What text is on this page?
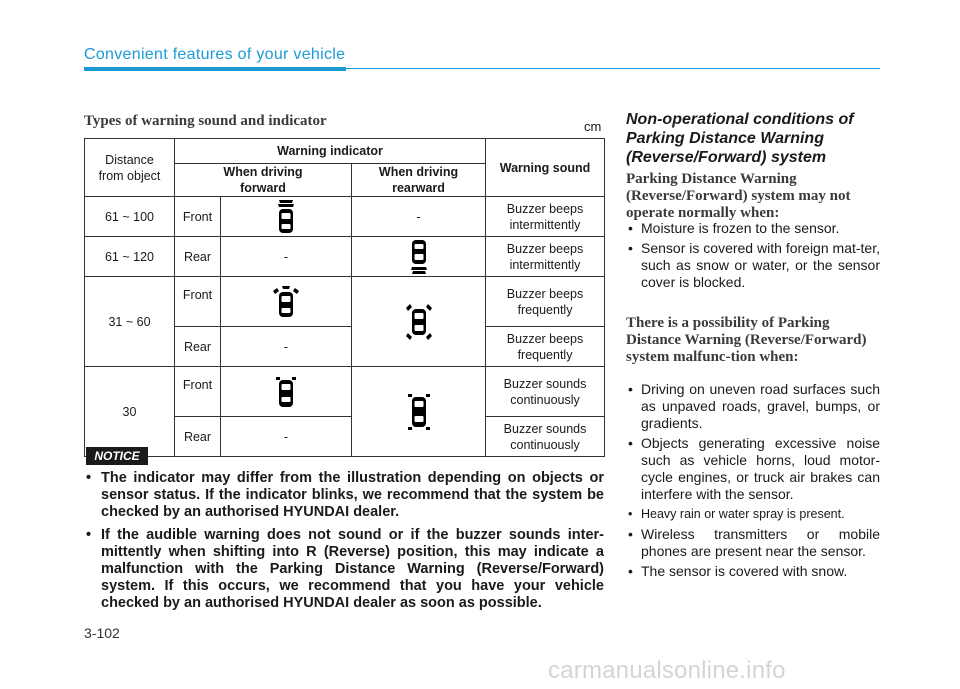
Convenient features of your vehicle
Types of warning sound and indicator	cm
Distance
from object	Warning indicator			Warning sound
	When driving
forward		When driving
rearward	
61 ~ 100	Front		-	Buzzer beeps
intermittently
61 ~ 120	Rear	-		Buzzer beeps
intermittently
31 ~ 60	Front			Buzzer beeps
frequently
	Rear	-		Buzzer beeps
frequently
30	Front			Buzzer sounds
continuously
	Rear	-		Buzzer sounds
continuously
NOTICE
• The indicator may differ from the illustration depending on objects or sensor status. If the indicator blinks, we recommend that the system be checked by an authorised HYUNDAI dealer.
• If the audible warning does not sound or if the buzzer sounds inter-mittently when shifting into R (Reverse) position, this may indicate a malfunction with the Parking Distance Warning (Reverse/Forward) system. If this occurs, we recommend that you have your vehicle checked by an authorised HYUNDAI dealer as soon as possible.
Non-operational conditions of Parking Distance Warning (Reverse/Forward) system
Parking Distance Warning (Reverse/Forward) system may not operate normally when:
• Moisture is frozen to the sensor.
• Sensor is covered with foreign mat-ter, such as snow or water, or the sensor cover is blocked.
There is a possibility of Parking Distance Warning (Reverse/Forward) system malfunc-tion when:
• Driving on uneven road surfaces such as unpaved roads, gravel, bumps, or gradients.
• Objects generating excessive noise such as vehicle horns, loud motor-cycle engines, or truck air brakes can interfere with the sensor.
• Heavy rain or water spray is present.
• Wireless transmitters or mobile phones are present near the sensor.
• The sensor is covered with snow.
3-102
carmanualsonline.info
